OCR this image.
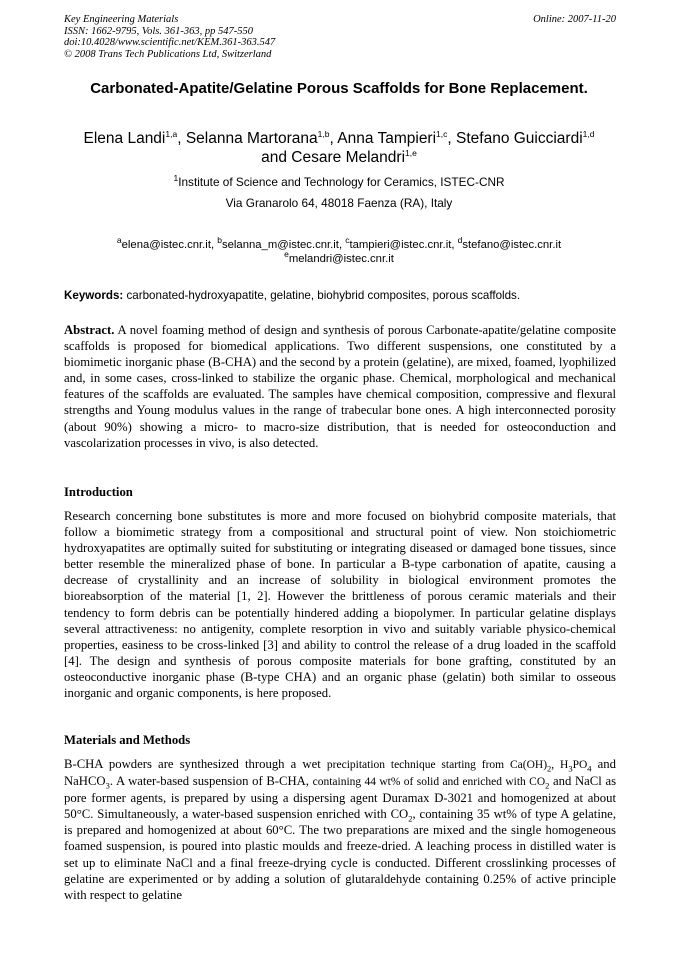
Key Engineering Materials
ISSN: 1662-9795, Vols. 361-363, pp 547-550
doi:10.4028/www.scientific.net/KEM.361-363.547
© 2008 Trans Tech Publications Ltd, Switzerland
Online: 2007-11-20
Carbonated-Apatite/Gelatine Porous Scaffolds for Bone Replacement.
Elena Landi$^{1,a}$, Selanna Martorana$^{1,b}$, Anna Tampieri$^{1,c}$, Stefano Guicciardi$^{1,d}$
and Cesare Melandri$^{1,e}$
$^1$Institute of Science and Technology for Ceramics, ISTEC-CNR
Via Granarolo 64, 48018 Faenza (RA), Italy
$^a$elena@istec.cnr.it, $^b$selanna_m@istec.cnr.it, $^c$tampieri@istec.cnr.it, $^d$stefano@istec.cnr.it
$^e$melandri@istec.cnr.it
Keywords: carbonated-hydroxyapatite, gelatine, biohybrid composites, porous scaffolds.
Abstract. A novel foaming method of design and synthesis of porous Carbonate-apatite/gelatine composite scaffolds is proposed for biomedical applications. Two different suspensions, one constituted by a biomimetic inorganic phase (B-CHA) and the second by a protein (gelatine), are mixed, foamed, lyophilized and, in some cases, cross-linked to stabilize the organic phase. Chemical, morphological and mechanical features of the scaffolds are evaluated. The samples have chemical composition, compressive and flexural strengths and Young modulus values in the range of trabecular bone ones. A high interconnected porosity (about 90%) showing a micro- to macro-size distribution, that is needed for osteoconduction and vascolarization processes in vivo, is also detected.
Introduction
Research concerning bone substitutes is more and more focused on biohybrid composite materials, that follow a biomimetic strategy from a compositional and structural point of view. Non stoichiometric hydroxyapatites are optimally suited for substituting or integrating diseased or damaged bone tissues, since better resemble the mineralized phase of bone. In particular a B-type carbonation of apatite, causing a decrease of crystallinity and an increase of solubility in biological environment promotes the bioreabsorption of the material [1, 2]. However the brittleness of porous ceramic materials and their tendency to form debris can be potentially hindered adding a biopolymer. In particular gelatine displays several attractiveness: no antigenity, complete resorption in vivo and suitably variable physico-chemical properties, easiness to be cross-linked [3] and ability to control the release of a drug loaded in the scaffold [4]. The design and synthesis of porous composite materials for bone grafting, constituted by an osteoconductive inorganic phase (B-type CHA) and an organic phase (gelatin) both similar to osseous inorganic and organic components, is here proposed.
Materials and Methods
B-CHA powders are synthesized through a wet precipitation technique starting from $Ca(OH)_2$, $H_3PO_4$ and NaHCO$_3$. A water-based suspension of B-CHA, containing 44 wt% of solid and enriched with $CO_2$ and NaCl as pore former agents, is prepared by using a dispersing agent Duramax D-3021 and homogenized at about 50°C. Simultaneously, a water-based suspension enriched with $CO_2$, containing 35 wt% of type A gelatine, is prepared and homogenized at about 60°C. The two preparations are mixed and the single homogeneous foamed suspension, is poured into plastic moulds and freeze-dried. A leaching process in distilled water is set up to eliminate NaCl and a final freeze-drying cycle is conducted. Different crosslinking processes of gelatine are experimented or by adding a solution of glutaraldehyde containing 0.25% of active principle with respect to gelatine
